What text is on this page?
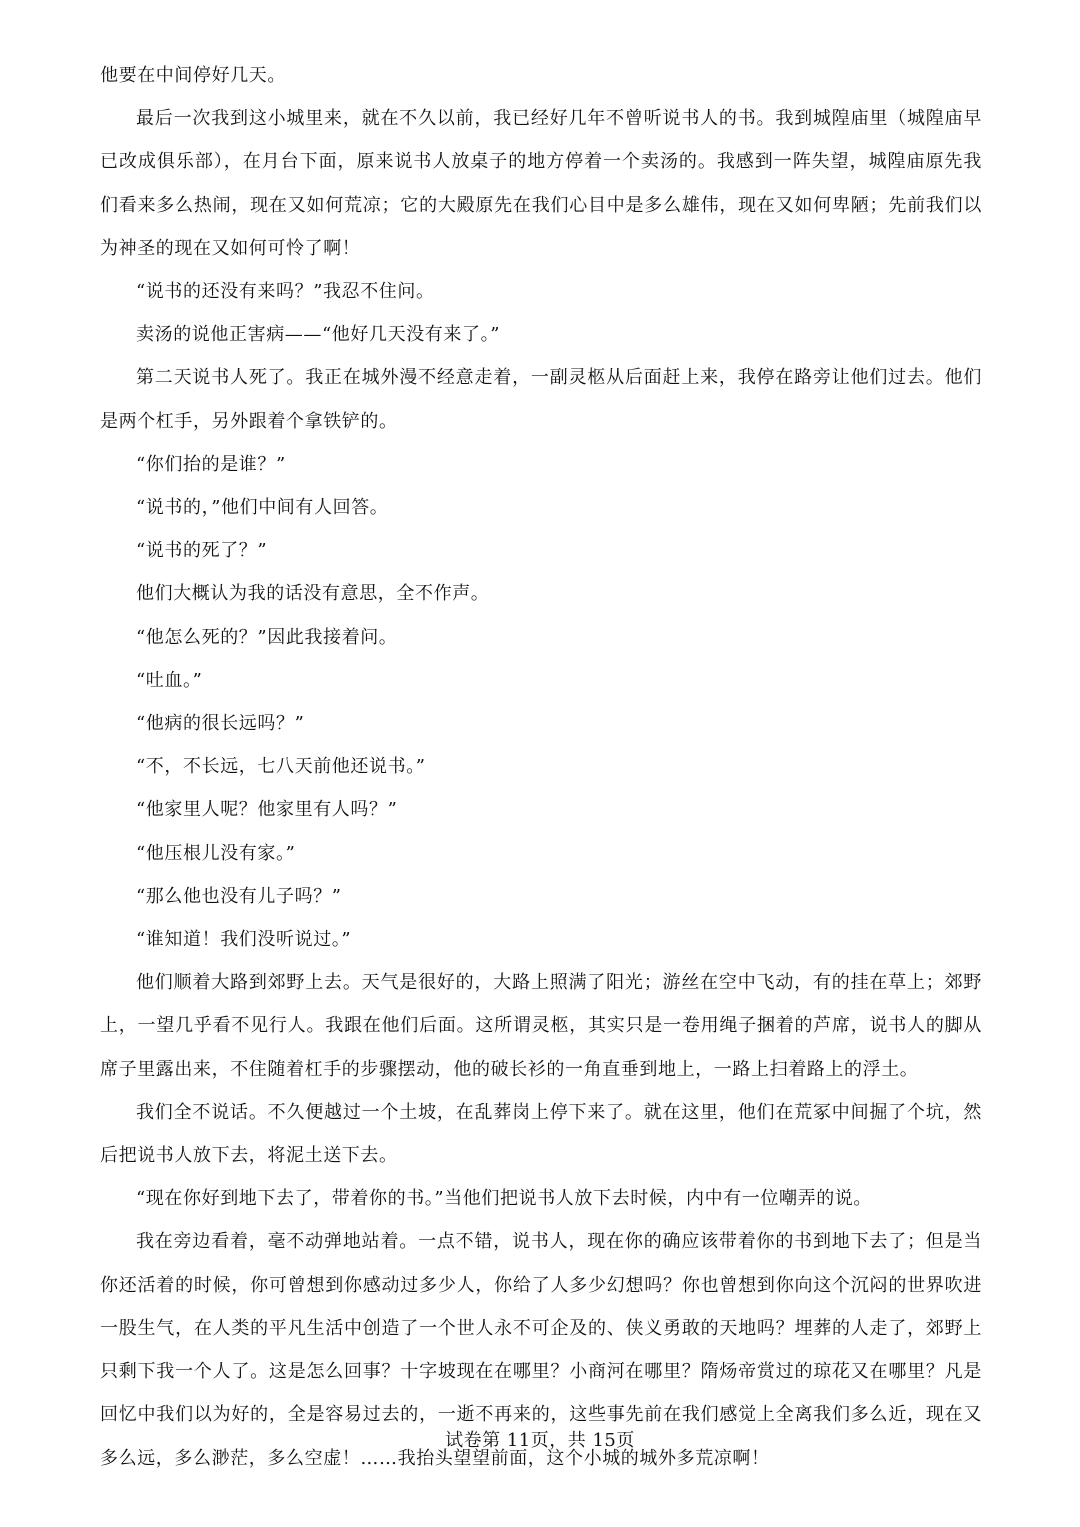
他要在中间停好几天。

最后一次我到这小城里来，就在不久以前，我已经好几年不曾听说书人的书。我到城隍庙里（城隍庙早已改成俱乐部），在月台下面，原来说书人放桌子的地方停着一个卖汤的。我感到一阵失望，城隍庙原先我们看来多么热闹，现在又如何荒凉；它的大殿原先在我们心目中是多么雄伟，现在又如何卑陋；先前我们以为神圣的现在又如何可怜了啊！

“说书的还没有来吗？”我忍不住问。

卖汤的说他正害病——“他好几天没有来了。”

第二天说书人死了。我正在城外漫不经意走着，一副灵柩从后面赶上来，我停在路旁让他们过去。他们是两个杠手，另外跟着个拿铁铲的。

“你们抬的是谁？”

“说书的，”他们中间有人回答。

“说书的死了？”

他们大概认为我的话没有意思，全不作声。

“他怎么死的？”因此我接着问。

“吐血。”

“他病的很长远吗？”

“不，不长远，七八天前他还说书。”

“他家里人呢？他家里有人吗？”

“他压根儿没有家。”

“那么他也没有儿子吗？”

“谁知道！我们没听说过。”

他们顺着大路到郊野上去。天气是很好的，大路上照满了阳光；游丝在空中飞动，有的挂在草上；郊野上，一望几乎看不见行人。我跟在他们后面。这所谓灵柩，其实只是一卷用绳子捆着的芦席，说书人的脚从席子里露出来，不住随着杠手的步骤摆动，他的破长衫的一角直垂到地上，一路上扫着路上的浮土。

我们全不说话。不久便越过一个土坡，在乱葬岗上停下来了。就在这里，他们在荒冢中间掘了个坑，然后把说书人放下去，将泥土送下去。

“现在你好到地下去了，带着你的书。”当他们把说书人放下去时候，内中有一位嘲弄的说。

我在旁边看着，毫不动弹地站着。一点不错，说书人，现在你的确应该带着你的书到地下去了；但是当你还活着的时候，你可曾想到你感动过多少人，你给了人多少幻想吗？你也曾想到你向这个沉闷的世界吹进一股生气，在人类的平凡生活中创造了一个世人永不可企及的、侠义勇敢的天地吗？埋葬的人走了，郊野上只剩下我一个人了。这是怎么回事？十字坡现在在哪里？小商河在哪里？隋炀帝赏过的琼花又在哪里？凡是回忆中我们以为好的，全是容易过去的，一逝不再来的，这些事先前在我们感觉上全离我们多么近，现在又多么远，多么渺茫，多么空虚！……我抬头望望前面，这个小城的城外多荒凉啊！

试卷第 11页，共 15页
